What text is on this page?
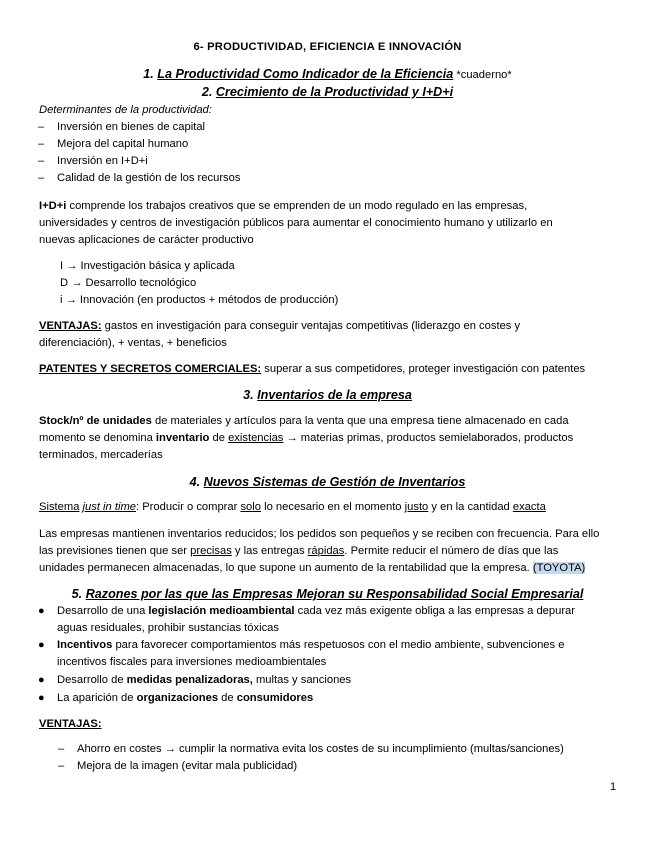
6- PRODUCTIVIDAD, EFICIENCIA E INNOVACIÓN
1. La Productividad Como Indicador de la Eficiencia *cuaderno*
2. Crecimiento de la Productividad y I+D+i
Determinantes de la productividad:
– Inversión en bienes de capital
– Mejora del capital humano
– Inversión en I+D+i
– Calidad de la gestión de los recursos
I+D+i comprende los trabajos creativos que se emprenden de un modo regulado en las empresas,
universidades y centros de investigación públicos para aumentar el conocimiento humano y utilizarlo en
nuevas aplicaciones de carácter productivo
I → Investigación básica y aplicada
D → Desarrollo tecnológico
i → Innovación (en productos + métodos de producción)
VENTAJAS: gastos en investigación para conseguir ventajas competitivas (liderazgo en costes y
diferenciación), + ventas, + beneficios
PATENTES Y SECRETOS COMERCIALES: superar a sus competidores, proteger investigación con patentes
3. Inventarios de la empresa
Stock/nº de unidades de materiales y artículos para la venta que una empresa tiene almacenado en cada
momento se denomina inventario de existencias → materias primas, productos semielaborados, productos
terminados, mercaderías
4. Nuevos Sistemas de Gestión de Inventarios
Sistema just in time: Producir o comprar solo lo necesario en el momento justo y en la cantidad exacta
Las empresas mantienen inventarios reducidos; los pedidos son pequeños y se reciben con frecuencia. Para ello
las previsiones tienen que ser precisas y las entregas rápidas. Permite reducir el número de días que las
unidades permanecen almacenadas, lo que supone un aumento de la rentabilidad que la empresa. (TOYOTA)
5. Razones por las que las Empresas Mejoran su Responsabilidad Social Empresarial
● Desarrollo de una legislación medioambiental cada vez más exigente obliga a las empresas a depurar
aguas residuales, prohibir sustancias tóxicas
● Incentivos para favorecer comportamientos más respetuosos con el medio ambiente, subvenciones e
incentivos fiscales para inversiones medioambientales
● Desarrollo de medidas penalizadoras, multas y sanciones
● La aparición de organizaciones de consumidores
VENTAJAS:
– Ahorro en costes → cumplir la normativa evita los costes de su incumplimiento (multas/sanciones)
– Mejora de la imagen (evitar mala publicidad)
1
